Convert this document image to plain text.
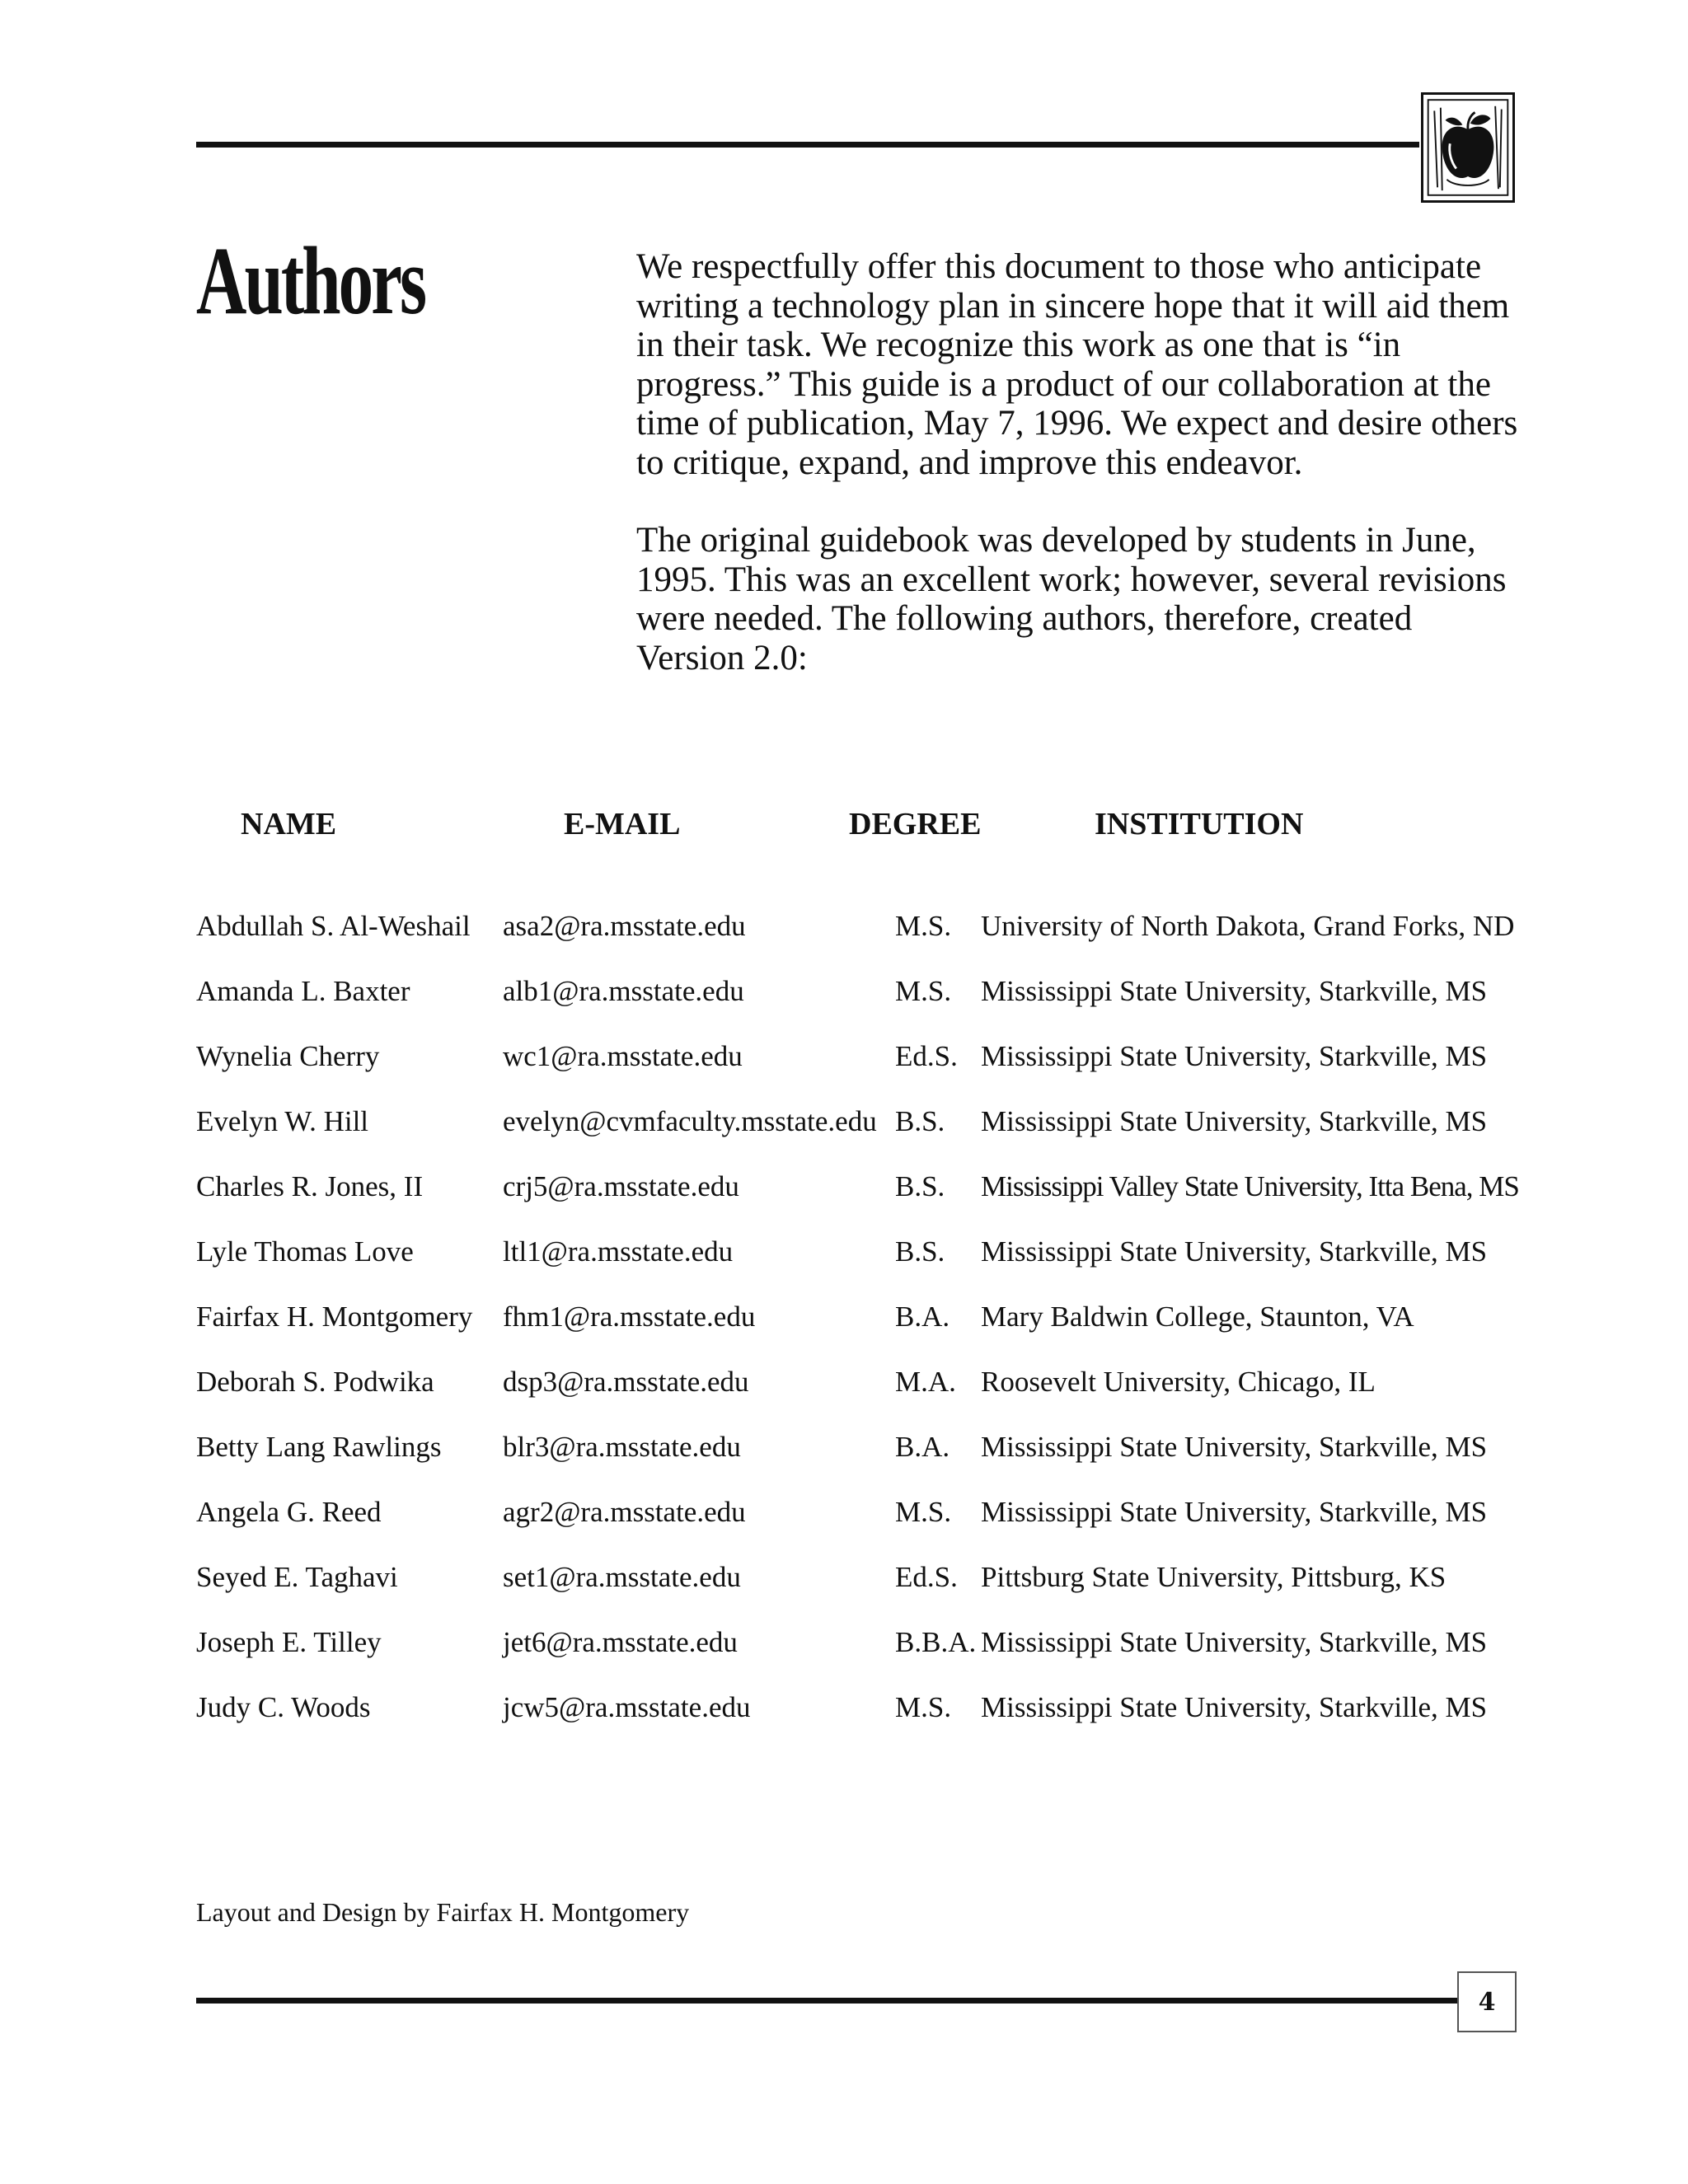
Authors	We respectfully offer this document to those who anticipate writing a technology plan in sincere hope that it will aid them in their task. We recognize this work as one that is “in progress.” This guide is a product of our collaboration at the time of publication, May 7, 1996. We expect and desire others to critique, expand, and improve this endeavor.

The original guidebook was developed by students in June, 1995. This was an excellent work; however, several revisions were needed. The following authors, therefore, created Version 2.0:

NAME	E-MAIL	DEGREE	INSTITUTION
Abdullah S. Al-Weshail asa2@ra.msstate.edu	M.S. University of North Dakota, Grand Forks, ND
Amanda L. Baxter	alb1@ra.msstate.edu	M.S. Mississippi State University, Starkville, MS
Wynelia Cherry	wc1@ra.msstate.edu	Ed.S. Mississippi State University, Starkville, MS
Evelyn W. Hill	evelyn@cvmfaculty.msstate.edu B.S. Mississippi State University, Starkville, MS
Charles R. Jones, II	crj5@ra.msstate.edu	B.S. Mississippi Valley State University, Itta Bena, MS
Lyle Thomas Love	ltl1@ra.msstate.edu	B.S. Mississippi State University, Starkville, MS
Fairfax H. Montgomery fhm1@ra.msstate.edu	B.A. Mary Baldwin College, Staunton, VA
Deborah S. Podwika dsp3@ra.msstate.edu	M.A. Roosevelt University, Chicago, IL
Betty Lang Rawlings blr3@ra.msstate.edu	B.A. Mississippi State University, Starkville, MS
Angela G. Reed	agr2@ra.msstate.edu	M.S. Mississippi State University, Starkville, MS
Seyed E. Taghavi	set1@ra.msstate.edu	Ed.S. Pittsburg State University, Pittsburg, KS
Joseph E. Tilley	jet6@ra.msstate.edu	B.B.A. Mississippi State University, Starkville, MS
Judy C. Woods	jcw5@ra.msstate.edu	M.S. Mississippi State University, Starkville, MS
Layout and Design by Fairfax H. Montgomery
4
